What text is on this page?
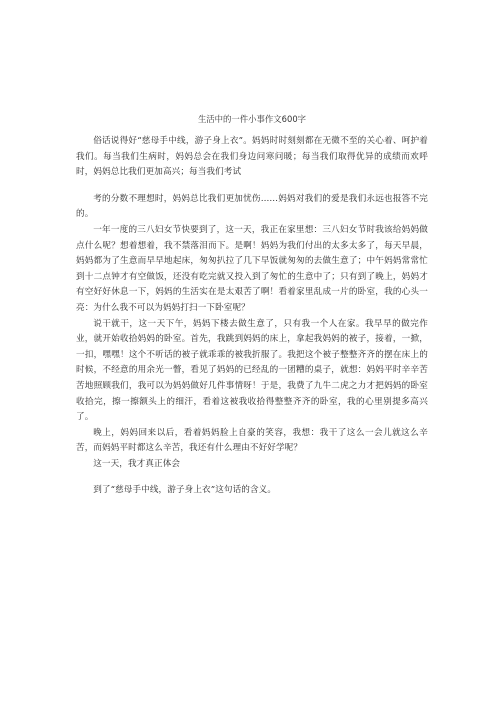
生活中的一件小事作文600字

俗话说得好“慈母手中线，游子身上衣”。妈妈时时刻刻都在无微不至的关心着、呵护着我们。每当我们生病时，妈妈总会在我们身边问寒问暖；每当我们取得优异的成绩而欢呼时，妈妈总比我们更加高兴；每当我们考试

考的分数不理想时，妈妈总比我们更加忧伤……妈妈对我们的爱是我们永远也报答不完的。

一年一度的三八妇女节快要到了，这一天，我正在家里想：三八妇女节时我该给妈妈做点什么呢？想着想着，我不禁落泪而下。是啊！妈妈为我们付出的太多太多了，每天早晨，妈妈都为了生意而早早地起床，匆匆扒拉了几下早饭就匆匆的去做生意了；中午妈妈常常忙到十二点钟才有空做饭，还没有吃完就又投入到了匆忙的生意中了；只有到了晚上，妈妈才有空好好休息一下，妈妈的生活实在是太艰苦了啊！看着家里乱成一片的卧室，我的心头一亮：为什么我不可以为妈妈打扫一下卧室呢？

说干就干，这一天下午，妈妈下楼去做生意了，只有我一个人在家。我早早的做完作业，就开始收拾妈妈的卧室。首先，我跳到妈妈的床上，拿起我妈妈的被子，接着，一掀，一扣，嘿嘿！这个不听话的被子就乖乖的被我折服了。我把这个被子整整齐齐的摆在床上的时候，不经意的用余光一瞥，看见了妈妈的已经乱的一团糟的桌子，就想：妈妈平时辛辛苦苦地照顾我们，我可以为妈妈做好几件事情呀！于是，我费了九牛二虎之力才把妈妈的卧室收拾完，擦一擦额头上的细汗，看着这被我收拾得整整齐齐的卧室，我的心里别提多高兴了。

晚上，妈妈回来以后，看着妈妈脸上自豪的笑容，我想：我干了这么一会儿就这么辛苦，而妈妈平时都这么辛苦，我还有什么理由不好好学呢？

这一天，我才真正体会

到了“慈母手中线，游子身上衣”这句话的含义。
